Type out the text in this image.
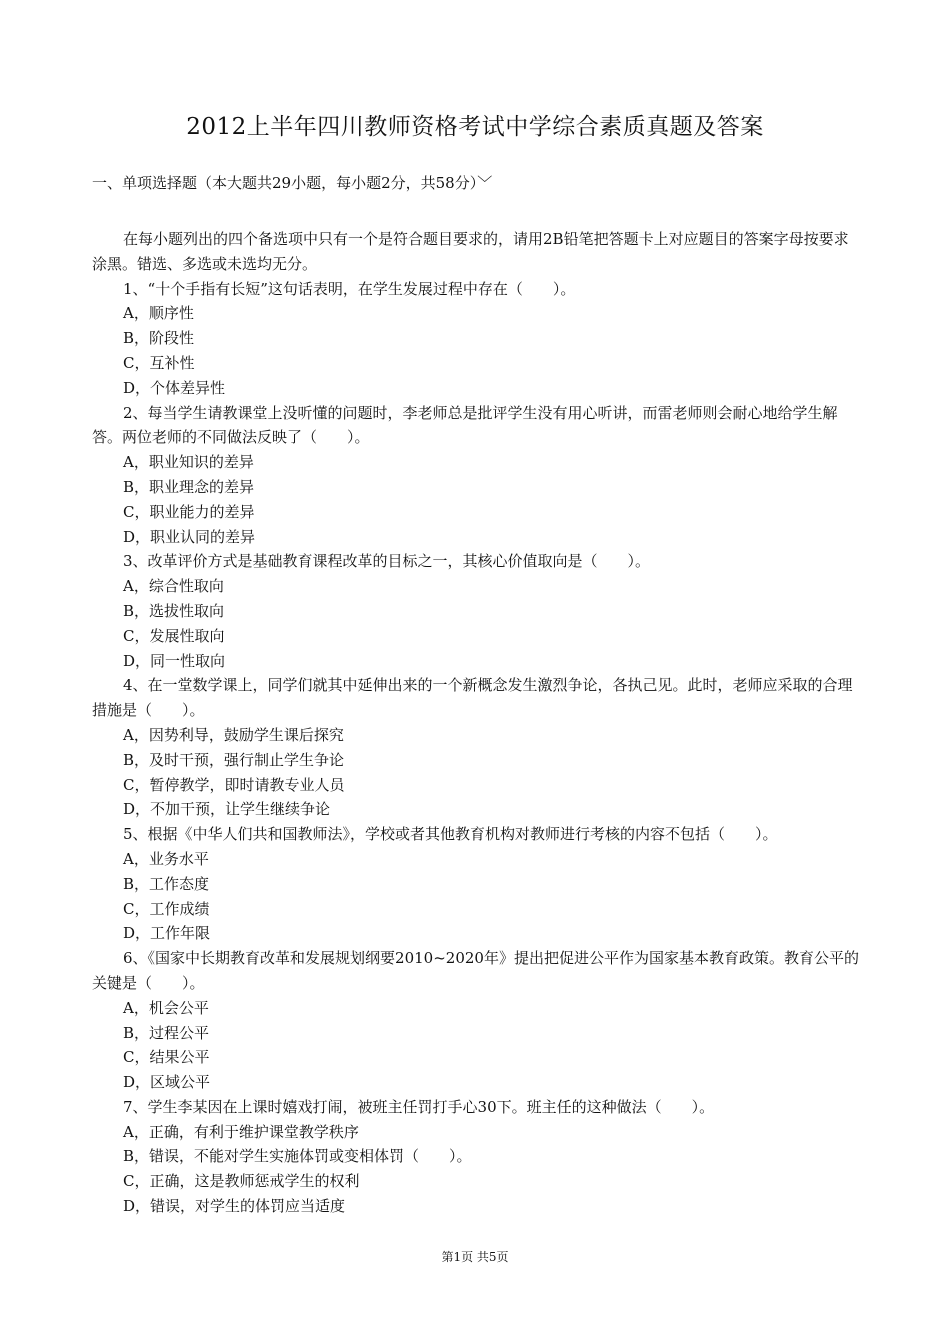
2012上半年四川教师资格考试中学综合素质真题及答案
一、单项选择题（本大题共29小题，每小题2分，共58分）﹀

在每小题列出的四个备选项中只有一个是符合题目要求的，请用2B铅笔把答题卡上对应题目的答案字母按要求涂黑。错选、多选或未选均无分。

1、“十个手指有长短”这句话表明，在学生发展过程中存在（　　）。

A，顺序性

B，阶段性

C，互补性

D，个体差异性

2、每当学生请教课堂上没听懂的问题时，李老师总是批评学生没有用心听讲，而雷老师则会耐心地给学生解答。两位老师的不同做法反映了（　　）。

A，职业知识的差异

B，职业理念的差异

C，职业能力的差异

D，职业认同的差异

3、改革评价方式是基础教育课程改革的目标之一，其核心价值取向是（　　）。

A，综合性取向

B，选拔性取向

C，发展性取向

D，同一性取向

4、在一堂数学课上，同学们就其中延伸出来的一个新概念发生激烈争论，各执己见。此时，老师应采取的合理措施是（　　）。

A，因势利导，鼓励学生课后探究

B，及时干预，强行制止学生争论

C，暂停教学，即时请教专业人员

D，不加干预，让学生继续争论

5、根据《中华人们共和国教师法》，学校或者其他教育机构对教师进行考核的内容不包括（　　）。

A，业务水平

B，工作态度

C，工作成绩

D，工作年限

6、《国家中长期教育改革和发展规划纲要2010~2020年》提出把促进公平作为国家基本教育政策。教育公平的关键是（　　）。

A，机会公平

B，过程公平

C，结果公平

D，区域公平

7、学生李某因在上课时嬉戏打闹，被班主任罚打手心30下。班主任的这种做法（　　）。

A，正确，有利于维护课堂教学秩序

B，错误，不能对学生实施体罚或变相体罚（　　）。

C，正确，这是教师惩戒学生的权利

D，错误，对学生的体罚应当适度

第1页 共5页
